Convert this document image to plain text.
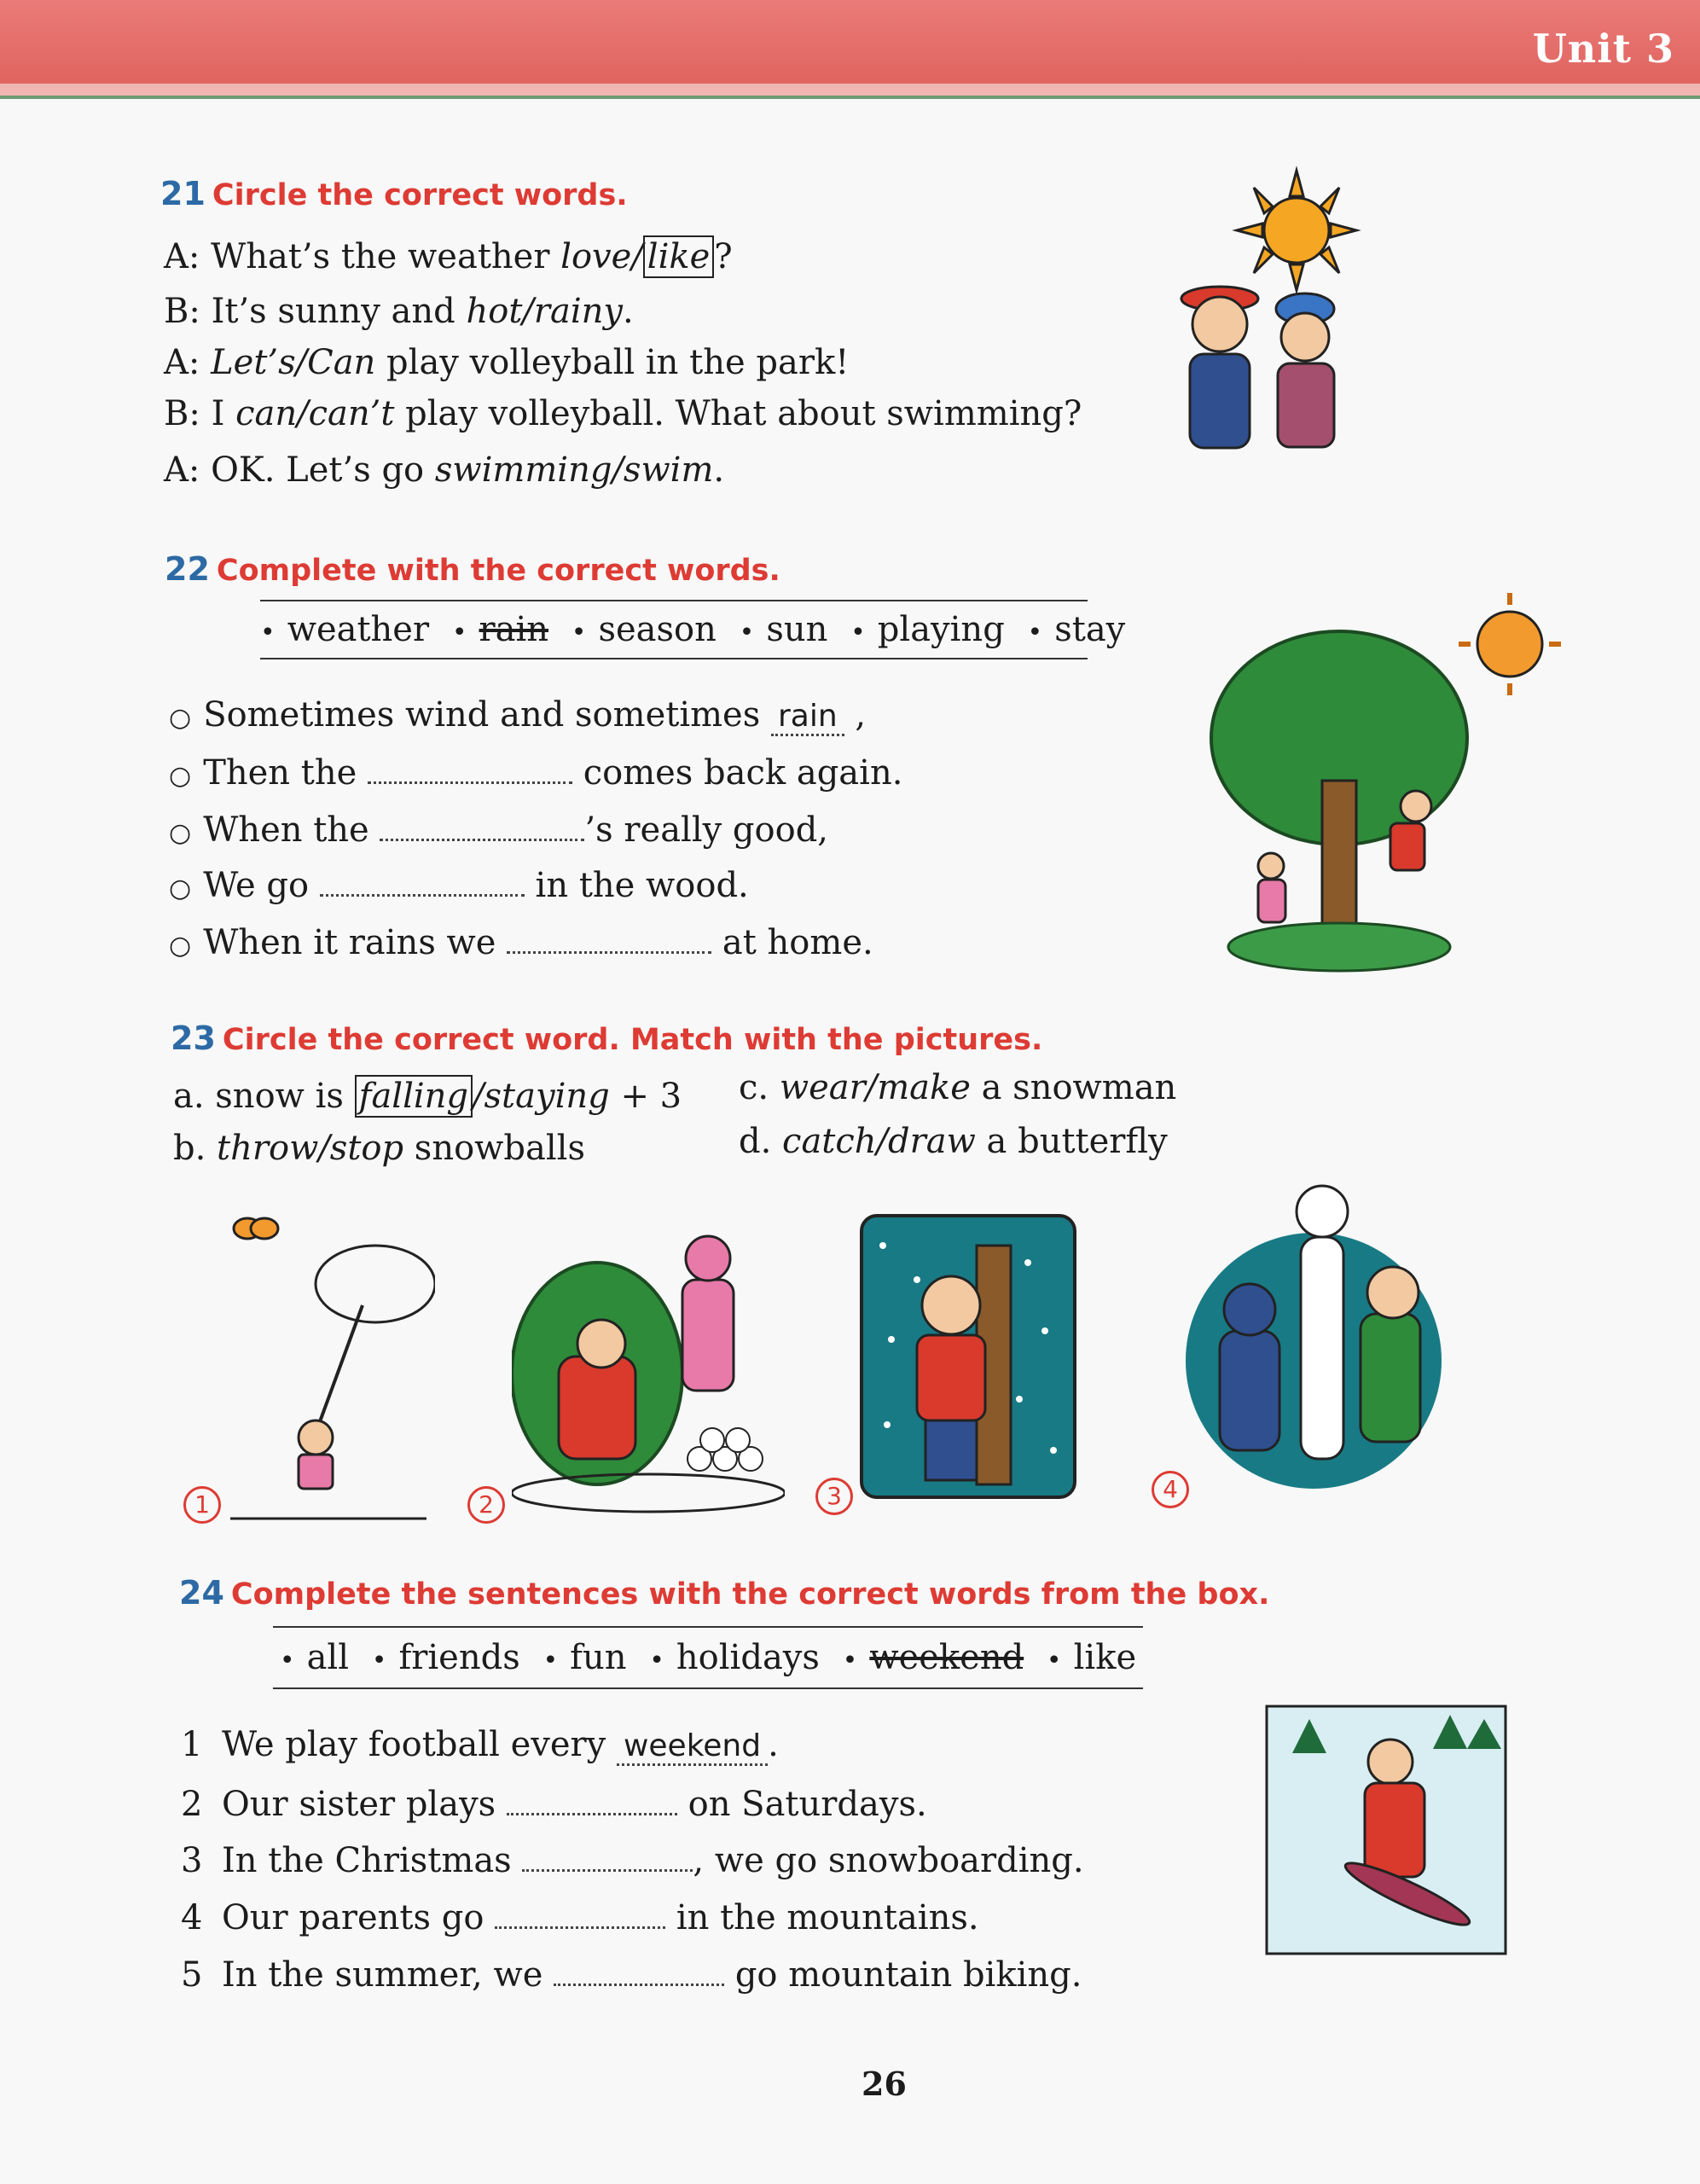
Unit 3
21 Circle the correct words.
A: What’s the weather love/ like ?
B: It’s sunny and hot/rainy.
A: Let’s/Can play volleyball in the park!
B: I can/can’t play volleyball. What about swimming?
A: OK. Let’s go swimming/swim.
22 Complete with the correct words.
• weather • rain • season • sun • playing • stay
○ Sometimes wind and sometimes rain ,
○ Then the	comes back again.
○ When the	’s really good,
○ We go	in the wood.
○ When it rains we	at home.
23 Circle the correct word. Match with the pictures.
a. snow is falling /staying + 3
b. throw/stop snowballs
c. wear/make a snowman
d. catch/draw a butterfly
1	2	3	4
24 Complete the sentences with the correct words from the box.
• all • friends • fun • holidays • weekend • like
1 We play football every weekend .
2 Our sister plays	on Saturdays.
3 In the Christmas	, we go snowboarding.
4 Our parents go	in the mountains.
5 In the summer, we	go mountain biking.
26
